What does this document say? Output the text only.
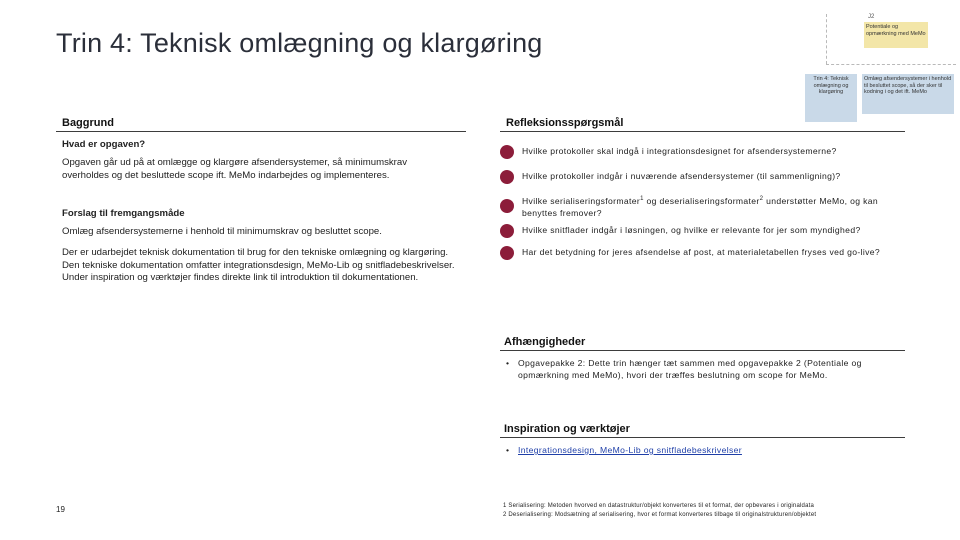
Trin 4: Teknisk omlægning og klargøring
J2
Potentiale og opmærkning med MeMo
Trin 4: Teknisk omlægning og klargøring
Omlæg afsendersystemer i henhold til besluttet scope, så der sker til kodning i og det ift. MeMo
Baggrund
Hvad er opgaven?
Opgaven går ud på at omlægge og klargøre afsendersystemer, så minimumskrav overholdes og det besluttede scope ift. MeMo indarbejdes og implementeres.
Forslag til fremgangsmåde
Omlæg afsendersystemerne i henhold til minimumskrav og besluttet scope.
Der er udarbejdet teknisk dokumentation til brug for den tekniske omlægning og klargøring. Den tekniske dokumentation omfatter integrationsdesign, MeMo-Lib og snitfladebeskrivelser. Under inspiration og værktøjer findes direkte link til introduktion til dokumentationen.
Refleksionsspørgsmål
Hvilke protokoller skal indgå i integrationsdesignet for afsendersystemerne?
Hvilke protokoller indgår i nuværende afsendersystemer (til sammenligning)?
Hvilke serialiseringsformater$^1$ og deserialiseringsformater$^2$ understøtter MeMo, og kan benyttes fremover?
Hvilke snitflader indgår i løsningen, og hvilke er relevante for jer som myndighed?
Har det betydning for jeres afsendelse af post, at materialetabellen fryses ved go-live?
Afhængigheder
•	Opgavepakke 2: Dette trin hænger tæt sammen med opgavepakke 2 (Potentiale og opmærkning med MeMo), hvori der træffes beslutning om scope for MeMo.
Inspiration og værktøjer
•	Integrationsdesign, MeMo-Lib og snitfladebeskrivelser
1 Serialisering: Metoden hvorved en datastruktur/objekt konverteres til et format, der opbevares i originaldata
2 Deserialisering: Modsætning af serialisering, hvor et format konverteres tilbage til originalstrukturen/objektet
19
